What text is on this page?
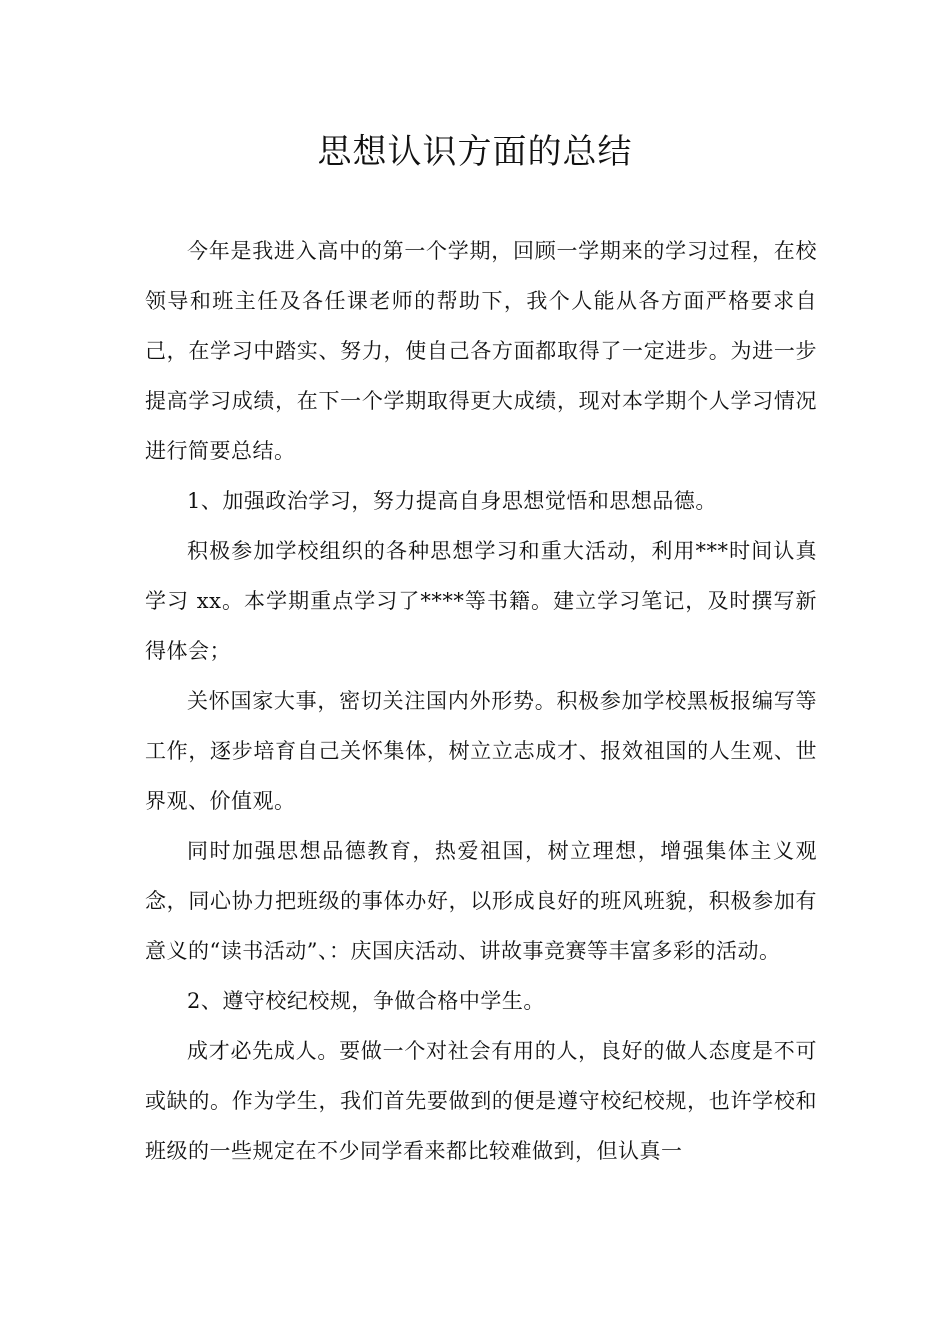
思想认识方面的总结

今年是我进入高中的第一个学期，回顾一学期来的学习过程，在校领导和班主任及各任课老师的帮助下，我个人能从各方面严格要求自己，在学习中踏实、努力，使自己各方面都取得了一定进步。为进一步提高学习成绩，在下一个学期取得更大成绩，现对本学期个人学习情况进行简要总结。

1、加强政治学习，努力提高自身思想觉悟和思想品德。

积极参加学校组织的各种思想学习和重大活动，利用***时间认真学习 xx。本学期重点学习了****等书籍。建立学习笔记，及时撰写新得体会；

关怀国家大事，密切关注国内外形势。积极参加学校黑板报编写等工作，逐步培育自己关怀集体，树立立志成才、报效祖国的人生观、世界观、价值观。

同时加强思想品德教育，热爱祖国，树立理想，增强集体主义观念，同心协力把班级的事体办好，以形成良好的班风班貌，积极参加有意义的“读书活动”、：庆国庆活动、讲故事竞赛等丰富多彩的活动。

2、遵守校纪校规，争做合格中学生。

成才必先成人。要做一个对社会有用的人，良好的做人态度是不可或缺的。作为学生，我们首先要做到的便是遵守校纪校规，也许学校和班级的一些规定在不少同学看来都比较难做到，但认真一
